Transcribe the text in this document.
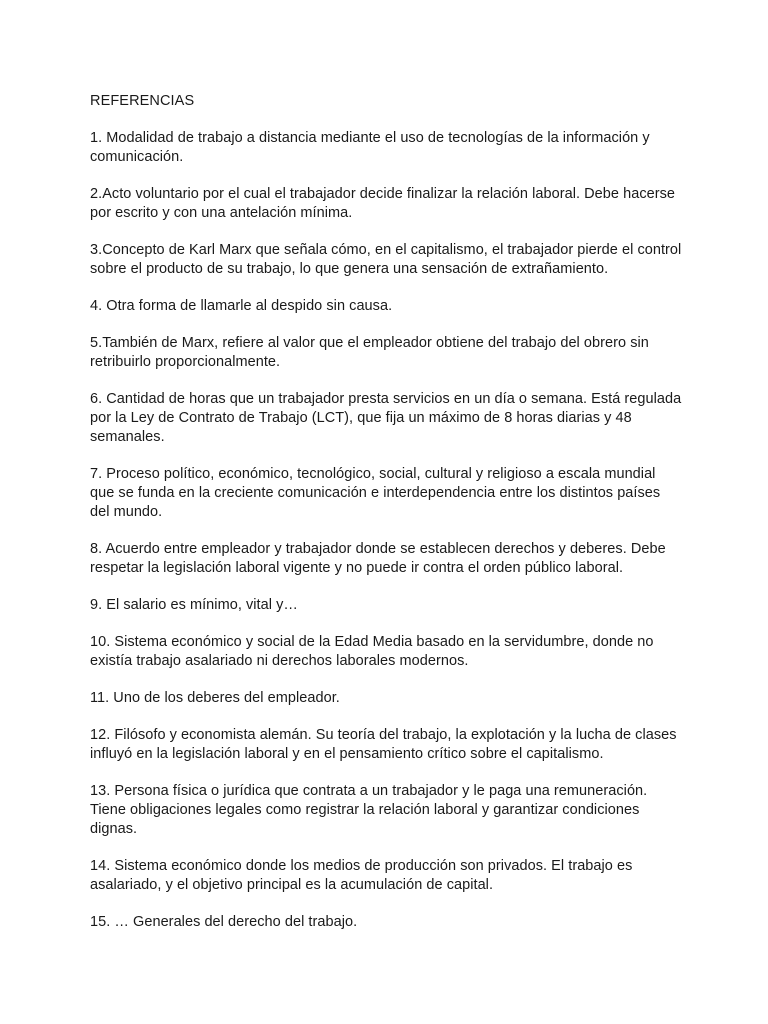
REFERENCIAS
1. Modalidad de trabajo a distancia mediante el uso de tecnologías de la información y comunicación.
2.Acto voluntario por el cual el trabajador decide finalizar la relación laboral. Debe hacerse por escrito y con una antelación mínima.
3.Concepto de Karl Marx que señala cómo, en el capitalismo, el trabajador pierde el control sobre el producto de su trabajo, lo que genera una sensación de extrañamiento.
4. Otra forma de llamarle al despido sin causa.
5.También de Marx, refiere al valor que el empleador obtiene del trabajo del obrero sin retribuirlo proporcionalmente.
6. Cantidad de horas que un trabajador presta servicios en un día o semana. Está regulada por la Ley de Contrato de Trabajo (LCT), que fija un máximo de 8 horas diarias y 48 semanales.
7. Proceso político, económico, tecnológico, social, cultural y religioso a escala mundial que se funda en la creciente comunicación e interdependencia entre los distintos países del mundo.
8. Acuerdo entre empleador y trabajador donde se establecen derechos y deberes. Debe respetar la legislación laboral vigente y no puede ir contra el orden público laboral.
9. El salario es mínimo, vital y…
10. Sistema económico y social de la Edad Media basado en la servidumbre, donde no existía trabajo asalariado ni derechos laborales modernos.
11. Uno de los deberes del empleador.
12. Filósofo y economista alemán. Su teoría del trabajo, la explotación y la lucha de clases influyó en la legislación laboral y en el pensamiento crítico sobre el capitalismo.
13. Persona física o jurídica que contrata a un trabajador y le paga una remuneración. Tiene obligaciones legales como registrar la relación laboral y garantizar condiciones dignas.
14. Sistema económico donde los medios de producción son privados. El trabajo es asalariado, y el objetivo principal es la acumulación de capital.
15. … Generales del derecho del trabajo.
